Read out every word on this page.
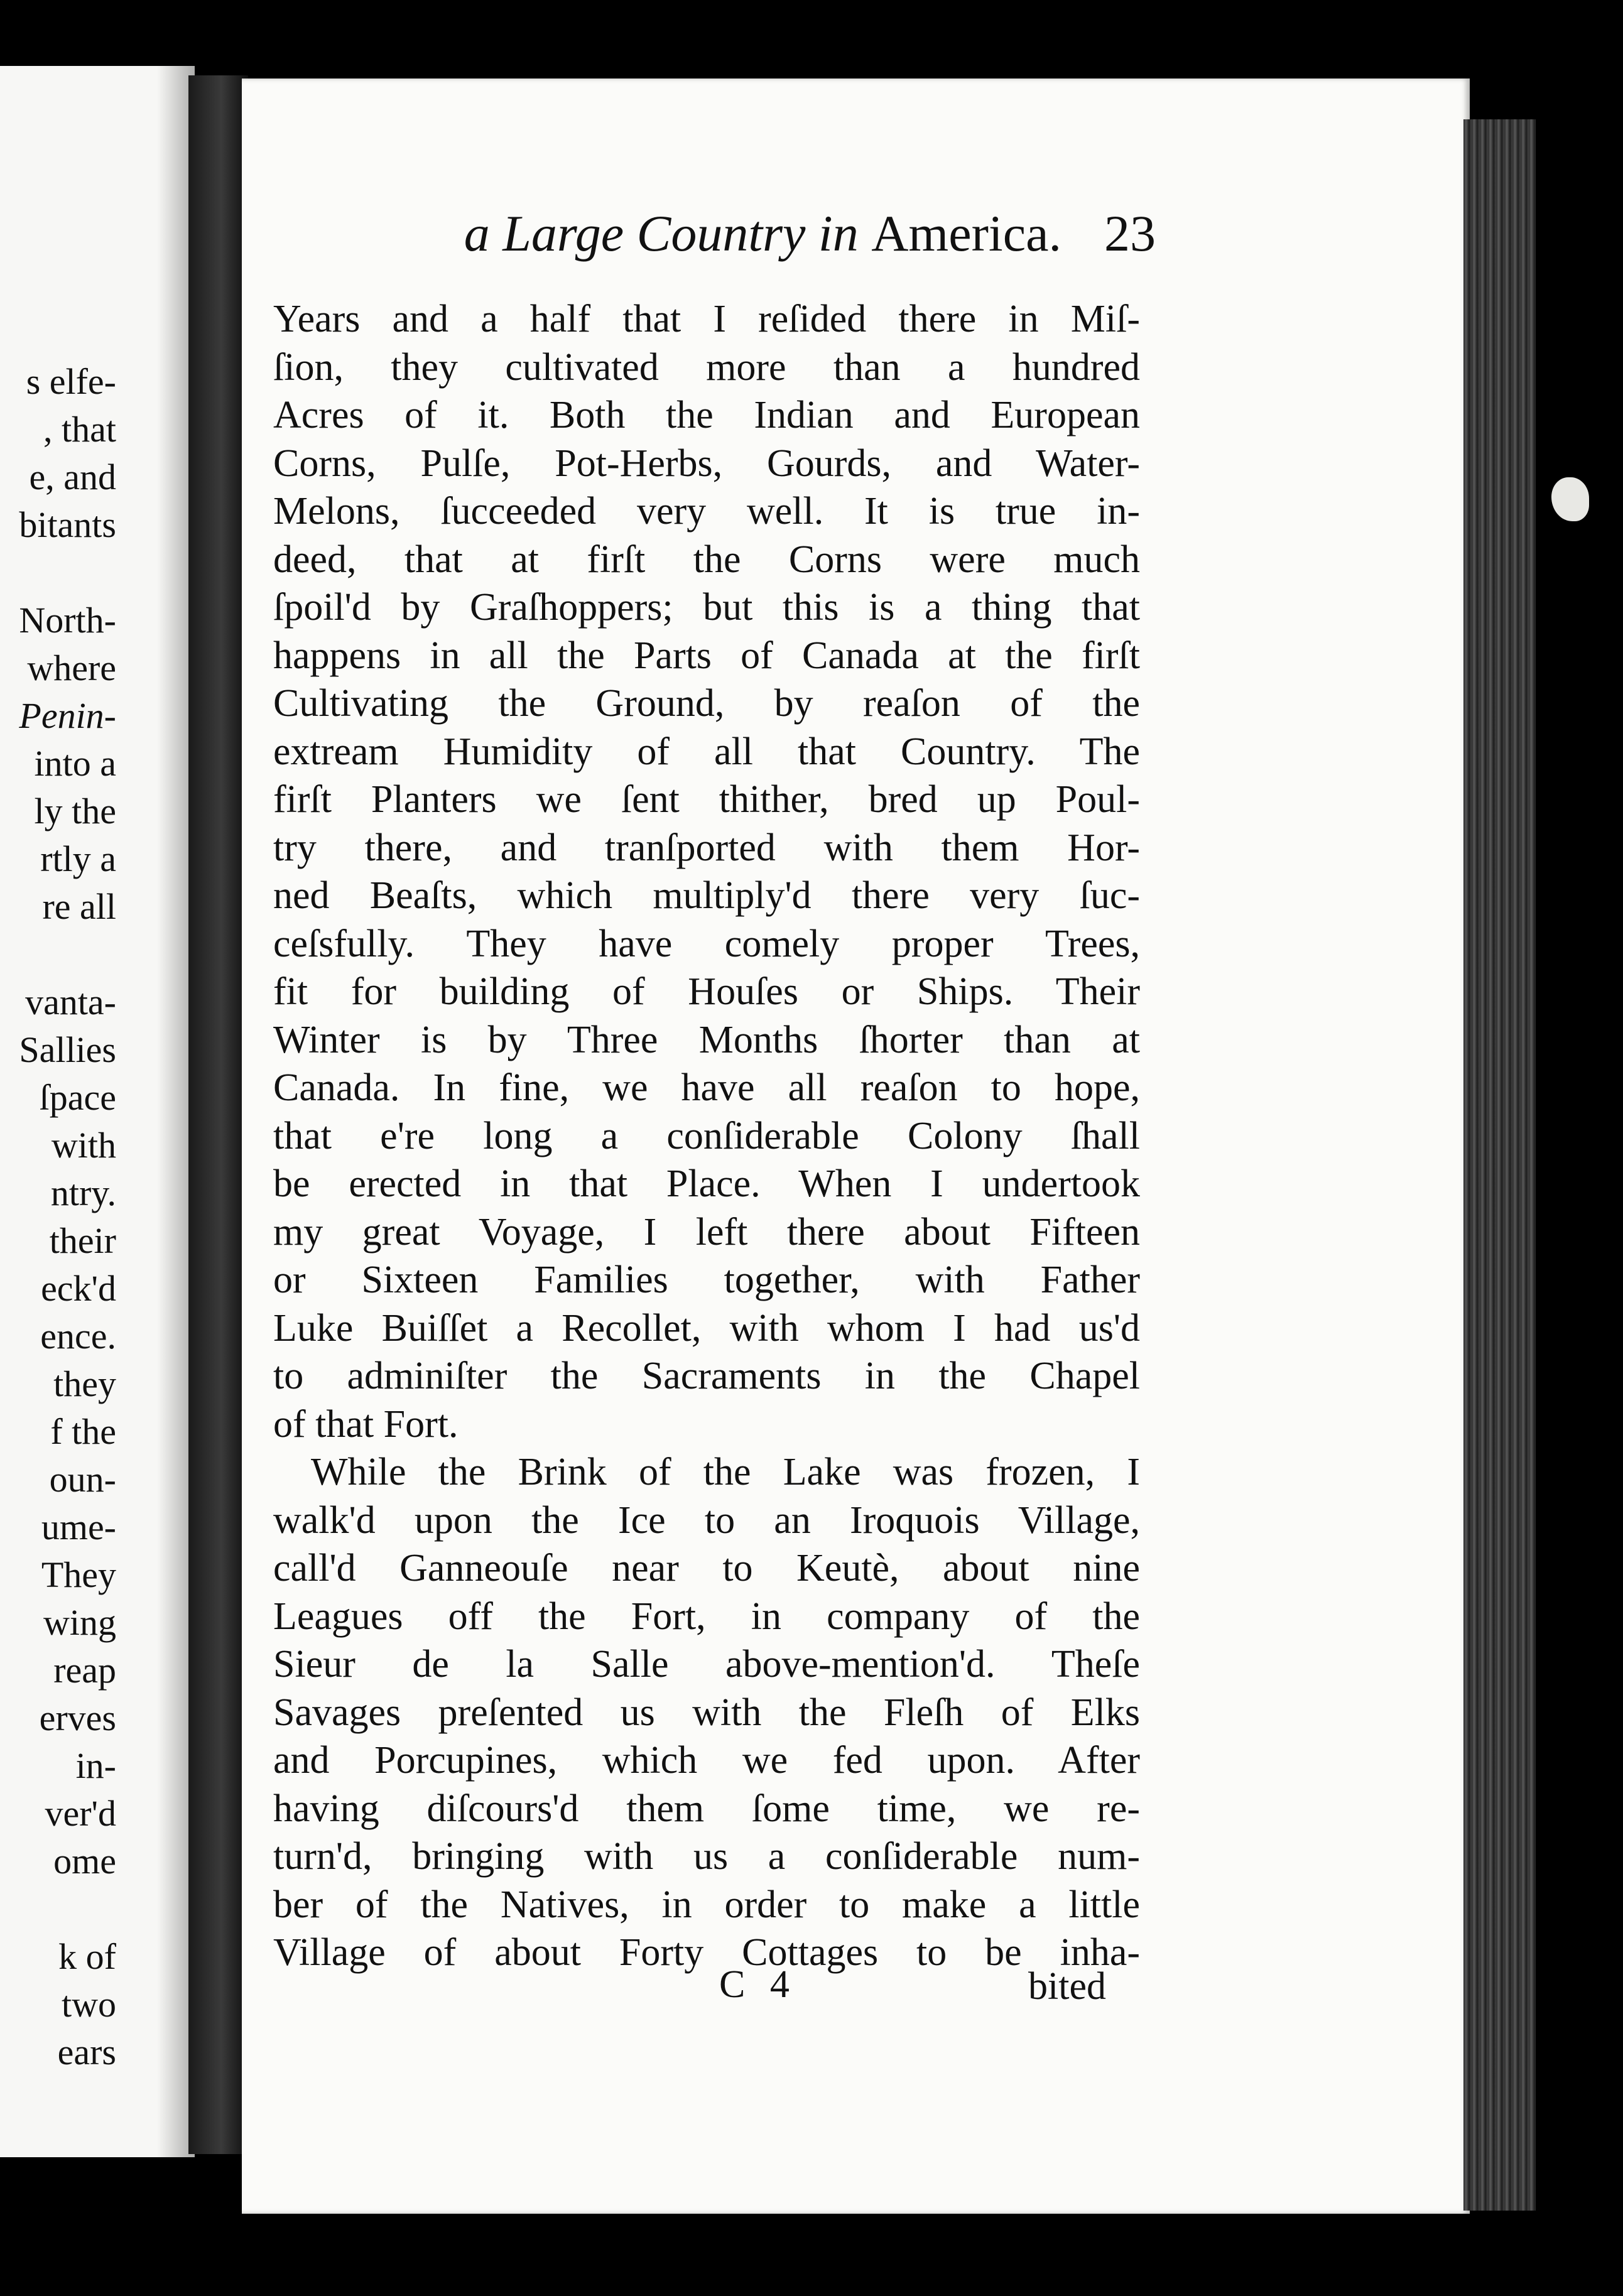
s elfe-
, that
e, and
bitants
North-
where
Penin-
into a
ly the
rtly a
re all
vanta-
Sallies
ſpace
with
ntry.
their
eck'd
ence.
they
f the
oun-
ume-
They
wing
reap
erves
in-
ver'd
ome
k of
two
ears
a Large Country in America. 23
Years and a half that I reſided there in Miſ-
ſion, they cultivated more than a hundred
Acres of it. Both the Indian and European
Corns, Pulſe, Pot-Herbs, Gourds, and Water-
Melons, ſucceeded very well. It is true in-
deed, that at firſt the Corns were much
ſpoil'd by Graſhoppers; but this is a thing that
happens in all the Parts of Canada at the firſt
Cultivating the Ground, by reaſon of the
extream Humidity of all that Country. The
firſt Planters we ſent thither, bred up Poul-
try there, and tranſported with them Hor-
ned Beaſts, which multiply'd there very ſuc-
ceſsfully. They have comely proper Trees,
fit for building of Houſes or Ships. Their
Winter is by Three Months ſhorter than at
Canada. In fine, we have all reaſon to hope,
that e're long a conſiderable Colony ſhall
be erected in that Place. When I undertook
my great Voyage, I left there about Fifteen
or Sixteen Families together, with Father
Luke Buiſſet a Recollet, with whom I had us'd
to adminiſter the Sacraments in the Chapel
of that Fort.
While the Brink of the Lake was frozen, I
walk'd upon the Ice to an Iroquois Village,
call'd Ganneouſe near to Keutè, about nine
Leagues off the Fort, in company of the
Sieur de la Salle above-mention'd. Theſe
Savages preſented us with the Fleſh of Elks
and Porcupines, which we fed upon. After
having diſcours'd them ſome time, we re-
turn'd, bringing with us a conſiderable num-
ber of the Natives, in order to make a little
Village of about Forty Cottages to be inha-
C 4	bited
